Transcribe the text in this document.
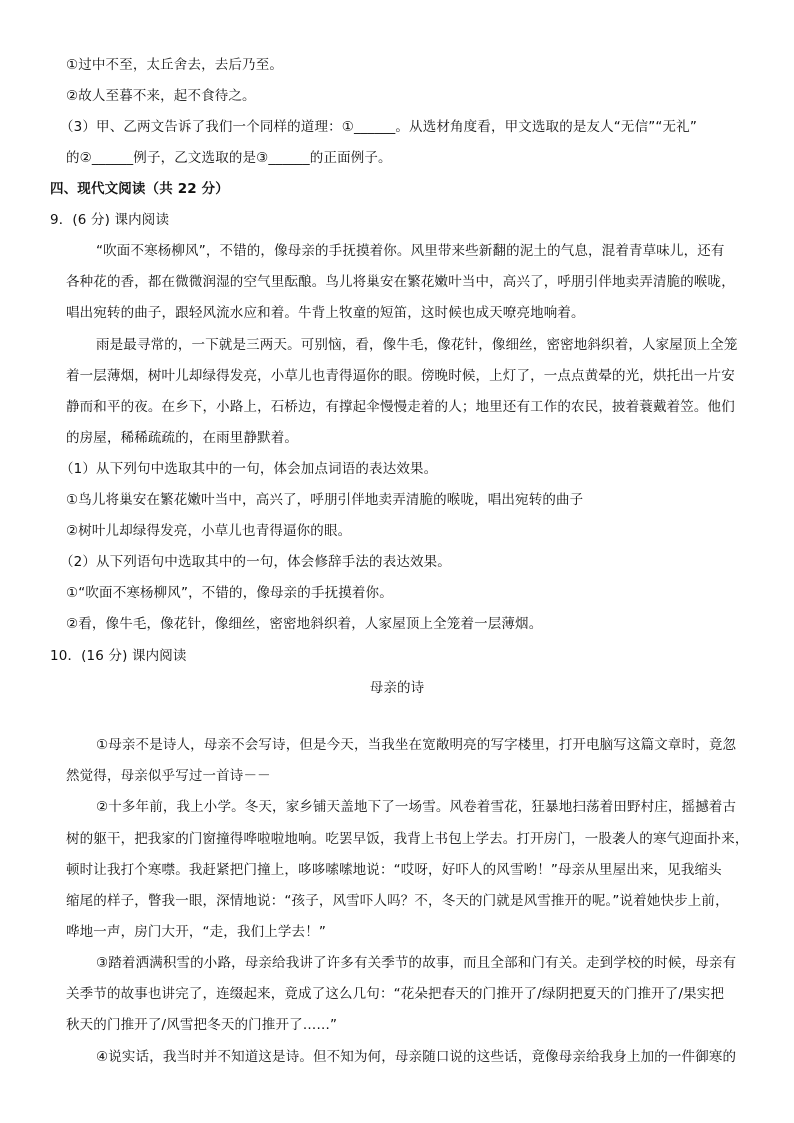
①过中不至，太丘舍去，去后乃至。
②故人至暮不来，起不食待之。
（3）甲、乙两文告诉了我们一个同样的道理：①______。从选材角度看，甲文选取的是友人“无信”“无礼”
的②______例子，乙文选取的是③______的正面例子。
四、现代文阅读（共 22 分）
9．(6 分) 课内阅读
“吹面不寒杨柳风”，不错的，像母亲的手抚摸着你。风里带来些新翻的泥土的气息，混着青草味儿，还有
各种花的香，都在微微润湿的空气里酝酿。鸟儿将巢安在繁花嫩叶当中，高兴了，呼朋引伴地卖弄清脆的喉咙，
唱出宛转的曲子，跟轻风流水应和着。牛背上牧童的短笛，这时候也成天嘹亮地响着。
雨是最寻常的，一下就是三两天。可别恼，看，像牛毛，像花针，像细丝，密密地斜织着，人家屋顶上全笼
着一层薄烟，树叶儿却绿得发亮，小草儿也青得逼你的眼。傍晚时候，上灯了，一点点黄晕的光，烘托出一片安
静而和平的夜。在乡下，小路上，石桥边，有撑起伞慢慢走着的人；地里还有工作的农民，披着蓑戴着笠。他们
的房屋，稀稀疏疏的，在雨里静默着。
（1）从下列句中选取其中的一句，体会加点词语的表达效果。
①鸟儿将巢安在繁花嫩叶当中，高兴了，呼朋引伴地卖弄清脆的喉咙，唱出宛转的曲子
②树叶儿却绿得发亮，小草儿也青得逼你的眼。
（2）从下列语句中选取其中的一句，体会修辞手法的表达效果。
①“吹面不寒杨柳风”，不错的，像母亲的手抚摸着你。
②看，像牛毛，像花针，像细丝，密密地斜织着，人家屋顶上全笼着一层薄烟。
10．(16 分) 课内阅读
母亲的诗
①母亲不是诗人，母亲不会写诗，但是今天，当我坐在宽敞明亮的写字楼里，打开电脑写这篇文章时，竟忽
然觉得，母亲似乎写过一首诗－－
②十多年前，我上小学。冬天，家乡铺天盖地下了一场雪。风卷着雪花，狂暴地扫荡着田野村庄，摇撼着古
树的躯干，把我家的门窗撞得哗啦啦地响。吃罢早饭，我背上书包上学去。打开房门，一股袭人的寒气迎面扑来，
顿时让我打个寒噤。我赶紧把门撞上，哆哆嗦嗦地说：“哎呀，好吓人的风雪哟！”母亲从里屋出来，见我缩头
缩尾的样子，瞥我一眼，深情地说：“孩子，风雪吓人吗？不，冬天的门就是风雪推开的呢。”说着她快步上前，
哗地一声，房门大开，“走，我们上学去！”
③踏着洒满积雪的小路，母亲给我讲了许多有关季节的故事，而且全部和门有关。走到学校的时候，母亲有
关季节的故事也讲完了，连缀起来，竟成了这么几句：“花朵把春天的门推开了/绿阴把夏天的门推开了/果实把
秋天的门推开了/风雪把冬天的门推开了……”
④说实话，我当时并不知道这是诗。但不知为何，母亲随口说的这些话，竟像母亲给我身上加的一件御寒的
